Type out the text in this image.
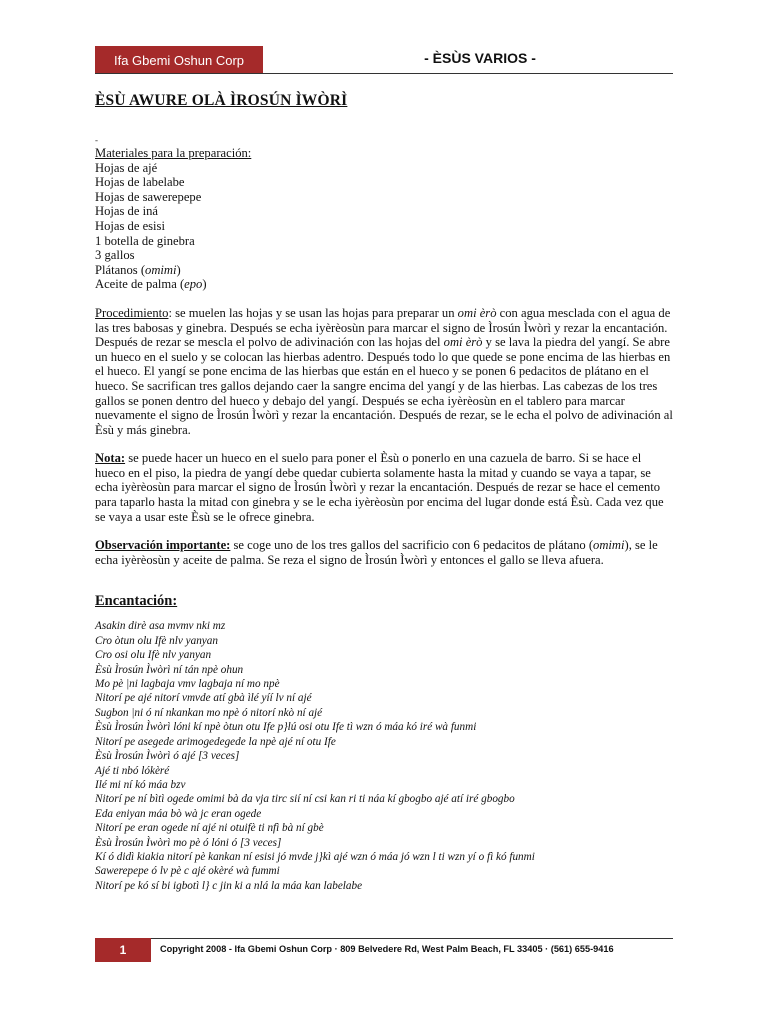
Ifa Gbemi Oshun Corp	- ÈSÙS VARIOS -
ÈSÙ AWURE OLÀ ÌROSÚN ÌWÒRÌ
-
Materiales para la preparación:
Hojas de ajé
Hojas de labelabe
Hojas de sawerepepe
Hojas de iná
Hojas de esisi
1 botella de ginebra
3 gallos
Plátanos (omimi)
Aceite de palma (epo)

Procedimiento: se muelen las hojas y se usan las hojas para preparar un omi èrò con agua mesclada con el agua de las tres babosas y ginebra. Después se echa iyèrèosùn para marcar el signo de Ìrosún Ìwòrì y rezar la encantación. Después de rezar se mescla el polvo de adivinación con las hojas del omi èrò y se lava la piedra del yangí. Se abre un hueco en el suelo y se colocan las hierbas adentro. Después todo lo que quede se pone encima de las hierbas en el hueco. El yangí se pone encima de las hierbas que están en el hueco y se ponen 6 pedacitos de plátano en el hueco. Se sacrifican tres gallos dejando caer la sangre encima del yangí y de las hierbas. Las cabezas de los tres gallos se ponen dentro del hueco y debajo del yangí. Después se echa iyèrèosùn en el tablero para marcar nuevamente el signo de Ìrosún Ìwòrì y rezar la encantación. Después de rezar, se le echa el polvo de adivinación al Èsù y más ginebra.

Nota: se puede hacer un hueco en el suelo para poner el Èsù o ponerlo en una cazuela de barro. Si se hace el hueco en el piso, la piedra de yangí debe quedar cubierta solamente hasta la mitad y cuando se vaya a tapar, se echa iyèrèosùn para marcar el signo de Ìrosún Ìwòrì y rezar la encantación. Después de rezar se hace el cemento para taparlo hasta la mitad con ginebra y se le echa iyèrèosùn por encima del lugar donde está Èsù. Cada vez que se vaya a usar este Èsù se le ofrece ginebra.

Observación importante: se coge uno de los tres gallos del sacrificio con 6 pedacitos de plátano (omimi), se le echa iyèrèosùn y aceite de palma. Se reza el signo de Ìrosún Ìwòrì y entonces el gallo se lleva afuera.

Encantación:
Asakin dirè asa mvmv nki mz
Cro òtun olu Ifè nlv yanyan
Cro osi olu Ifè nlv yanyan
Èsù Ìrosún Ìwòrì ní tán npè ohun
Mo pè |ni lagbaja vmv lagbaja ní mo npè
Nitorí pe ajé nitorí vmvde atí gbà ìlé yíí lv ní ajé
Sugbon |ni ó ní nkankan mo npè ó nitorí nkò ní ajé
Èsù Ìrosún Ìwòrì lóni kí npè òtun otu Ife p}lú osi otu Ife tì wzn ó máa kó iré wà funmi
Nitorí pe asegede arimogedegede la npè ajé ní otu Ife
Èsù Ìrosún Ìwòrì ó ajé [3 veces]
Ajé ti nbó lókèré
Ilé mi ní kó máa bzv
Nitorí pe ní bìtì ogede omimi bà da vja tirc sií ní csi kan ri ti náa kí gbogbo ajé atí iré gbogbo
Eda eniyan máa bò wà jc eran ogede
Nitorí pe eran ogede ní ajé ni otuifè ti nfì bà ní gbè
Èsù Ìrosún Ìwòrì mo pè ó lóni ó [3 veces]
Kí ó didì kiakia nitorí pè kankan ní esisi jó mvde j}kì ajé wzn ó máa jó wzn l ti wzn yí o fì kó funmi
Sawerepepe ó lv pè c ajé okèré wà fummi
Nitorí pe kó sí bi igbotì l} c jin ki a nlá la máa kan labelabe
1	Copyright 2008 - Ifa Gbemi Oshun Corp · 809 Belvedere Rd, West Palm Beach, FL 33405 · (561) 655-9416
